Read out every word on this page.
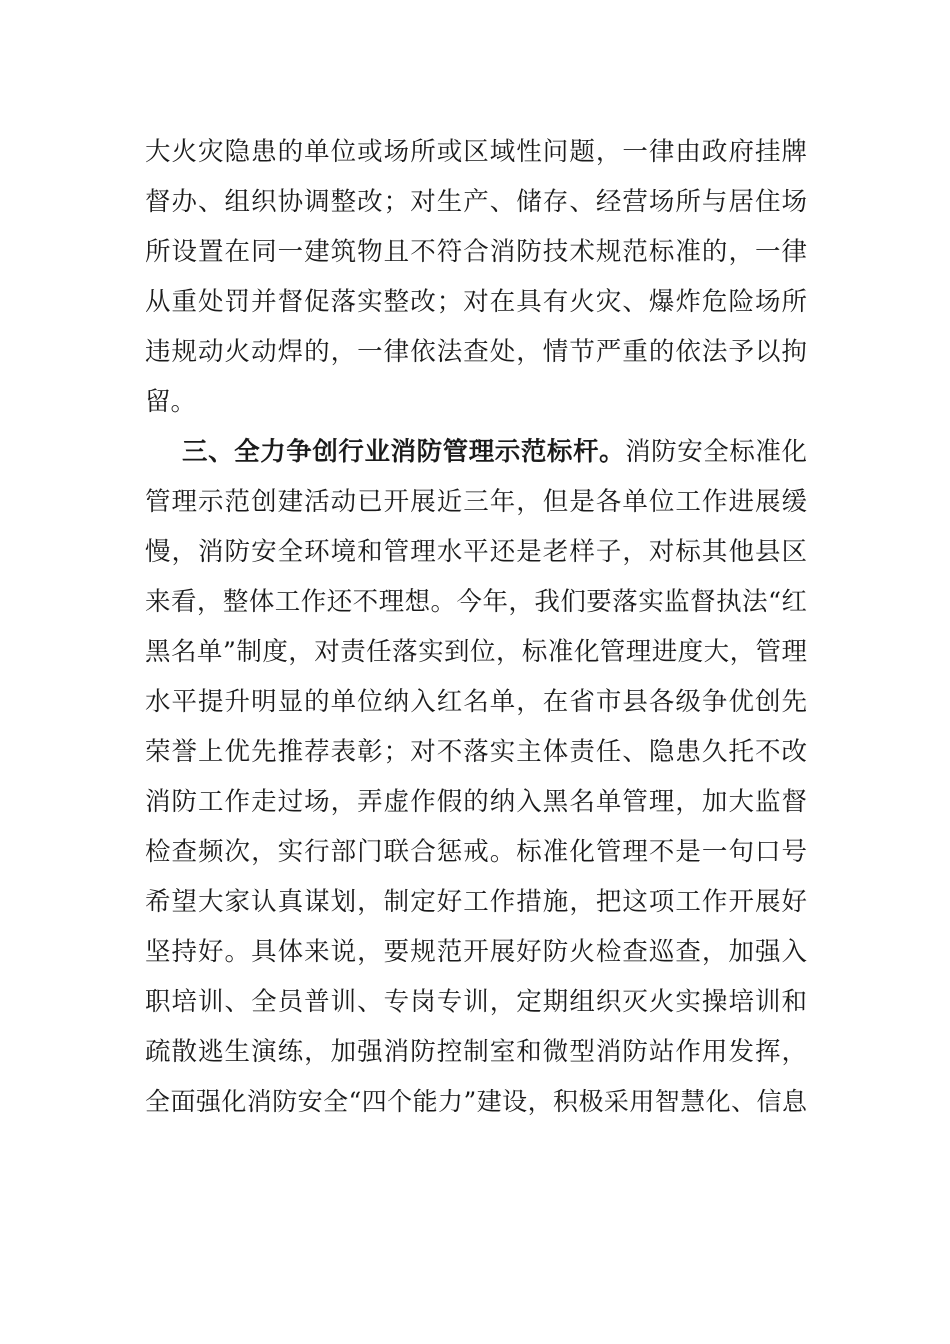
大火灾隐患的单位或场所或区域性问题，一律由政府挂牌
督办、组织协调整改；对生产、储存、经营场所与居住场
所设置在同一建筑物且不符合消防技术规范标准的，一律
从重处罚并督促落实整改；对在具有火灾、爆炸危险场所
违规动火动焊的，一律依法查处，情节严重的依法予以拘
留。
三、全力争创行业消防管理示范标杆。消防安全标准化
管理示范创建活动已开展近三年，但是各单位工作进展缓
慢，消防安全环境和管理水平还是老样子，对标其他县区
来看，整体工作还不理想。今年，我们要落实监督执法“红
黑名单”制度，对责任落实到位，标准化管理进度大，管理
水平提升明显的单位纳入红名单，在省市县各级争优创先
荣誉上优先推荐表彰；对不落实主体责任、隐患久托不改
消防工作走过场，弄虚作假的纳入黑名单管理，加大监督
检查频次，实行部门联合惩戒。标准化管理不是一句口号
希望大家认真谋划，制定好工作措施，把这项工作开展好
坚持好。具体来说，要规范开展好防火检查巡查，加强入
职培训、全员普训、专岗专训，定期组织灭火实操培训和
疏散逃生演练，加强消防控制室和微型消防站作用发挥，
全面强化消防安全“四个能力”建设，积极采用智慧化、信息
